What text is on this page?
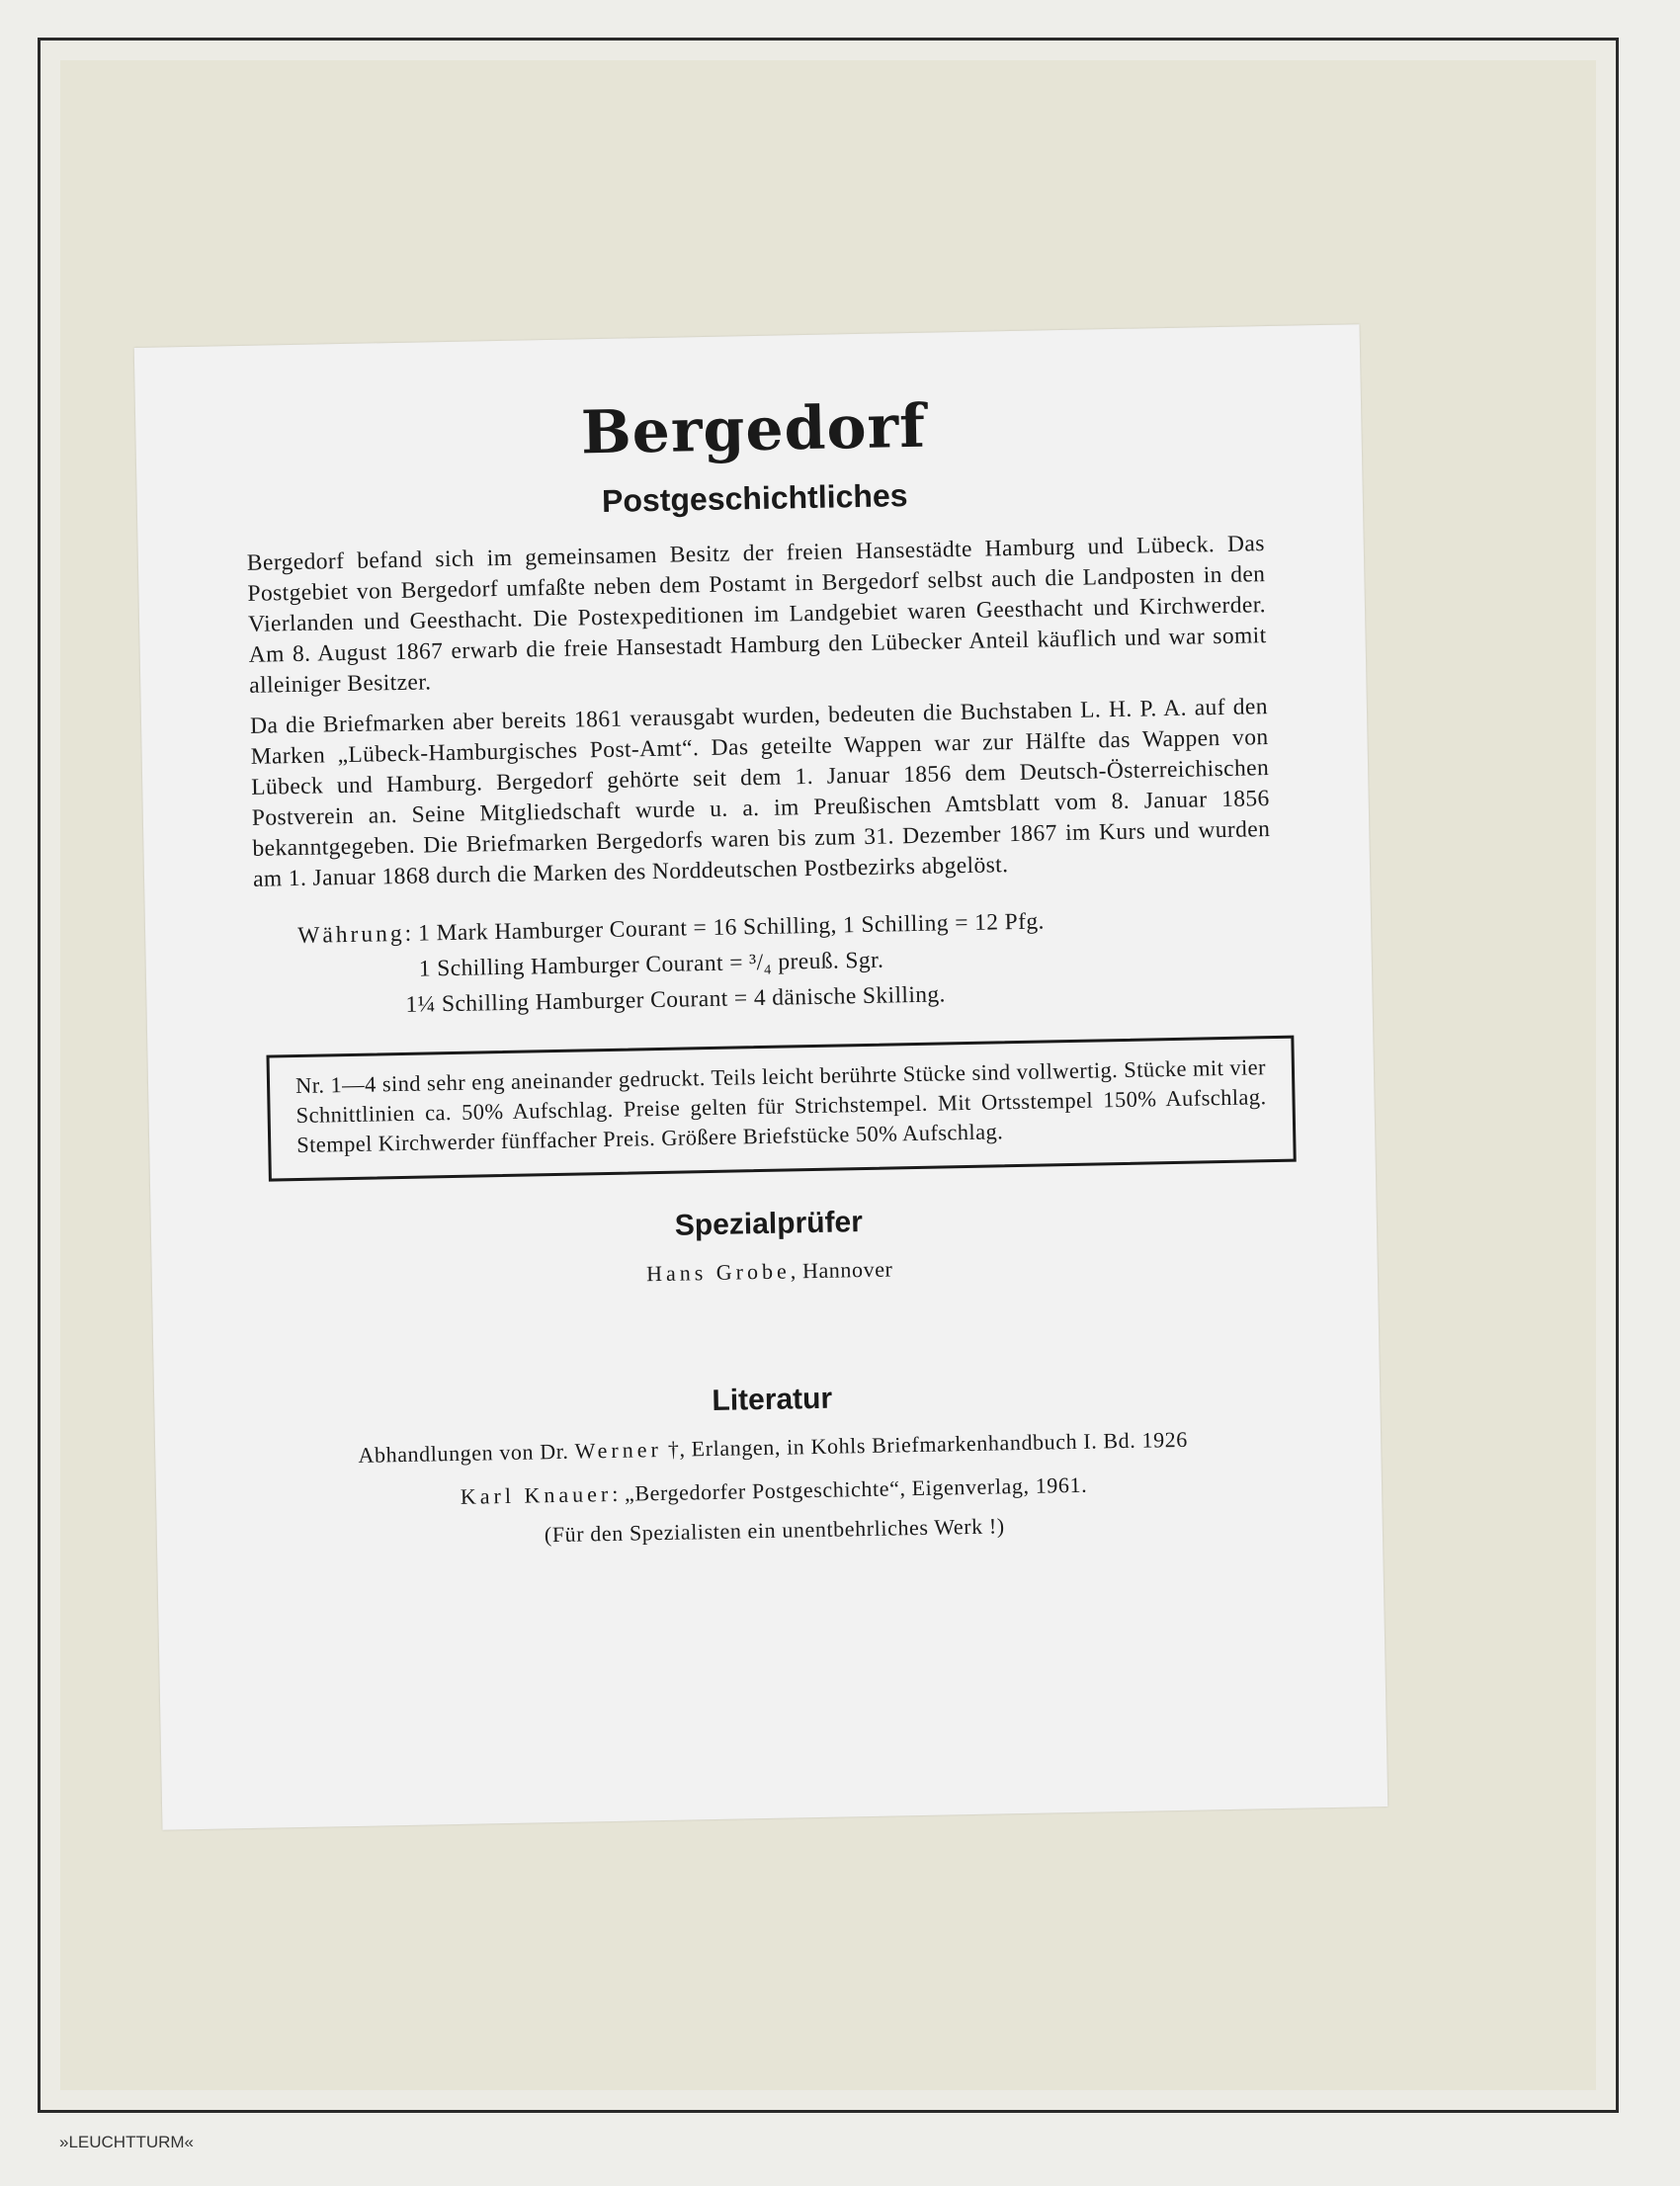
Bergedorf
Postgeschichtliches

Bergedorf befand sich im gemeinsamen Besitz der freien Hansestädte Hamburg und Lübeck. Das Postgebiet von Bergedorf umfaßte neben dem Postamt in Bergedorf selbst auch die Landposten in den Vierlanden und Geesthacht. Die Postexpeditionen im Landgebiet waren Geesthacht und Kirchwerder. Am 8. August 1867 erwarb die freie Hansestadt Hamburg den Lübecker Anteil käuflich und war somit alleiniger Besitzer.

Da die Briefmarken aber bereits 1861 verausgabt wurden, bedeuten die Buchstaben L. H. P. A. auf den Marken „Lübeck-Hamburgisches Post-Amt“. Das geteilte Wappen war zur Hälfte das Wappen von Lübeck und Hamburg. Bergedorf gehörte seit dem 1. Januar 1856 dem Deutsch-Österreichischen Postverein an. Seine Mitgliedschaft wurde u. a. im Preußischen Amtsblatt vom 8. Januar 1856 bekanntgegeben. Die Briefmarken Bergedorfs waren bis zum 31. Dezember 1867 im Kurs und wurden am 1. Januar 1868 durch die Marken des Norddeutschen Postbezirks abgelöst.

Währung: 1 Mark Hamburger Courant = 16 Schilling, 1 Schilling = 12 Pfg.
1 Schilling Hamburger Courant = ³/₄ preuß. Sgr.
1¼ Schilling Hamburger Courant = 4 dänische Skilling.
Nr. 1—4 sind sehr eng aneinander gedruckt. Teils leicht berührte Stücke sind vollwertig. Stücke mit vier Schnittlinien ca. 50% Aufschlag. Preise gelten für Strichstempel. Mit Ortsstempel 150% Aufschlag. Stempel Kirchwerder fünffacher Preis. Größere Briefstücke 50% Aufschlag.
Spezialprüfer

Hans Grobe, Hannover

Literatur

Abhandlungen von Dr. Werner †, Erlangen, in Kohls Briefmarkenhandbuch I. Bd. 1926

Karl Knauer: „Bergedorfer Postgeschichte“, Eigenverlag, 1961.

(Für den Spezialisten ein unentbehrliches Werk !)

»LEUCHTTURM«
